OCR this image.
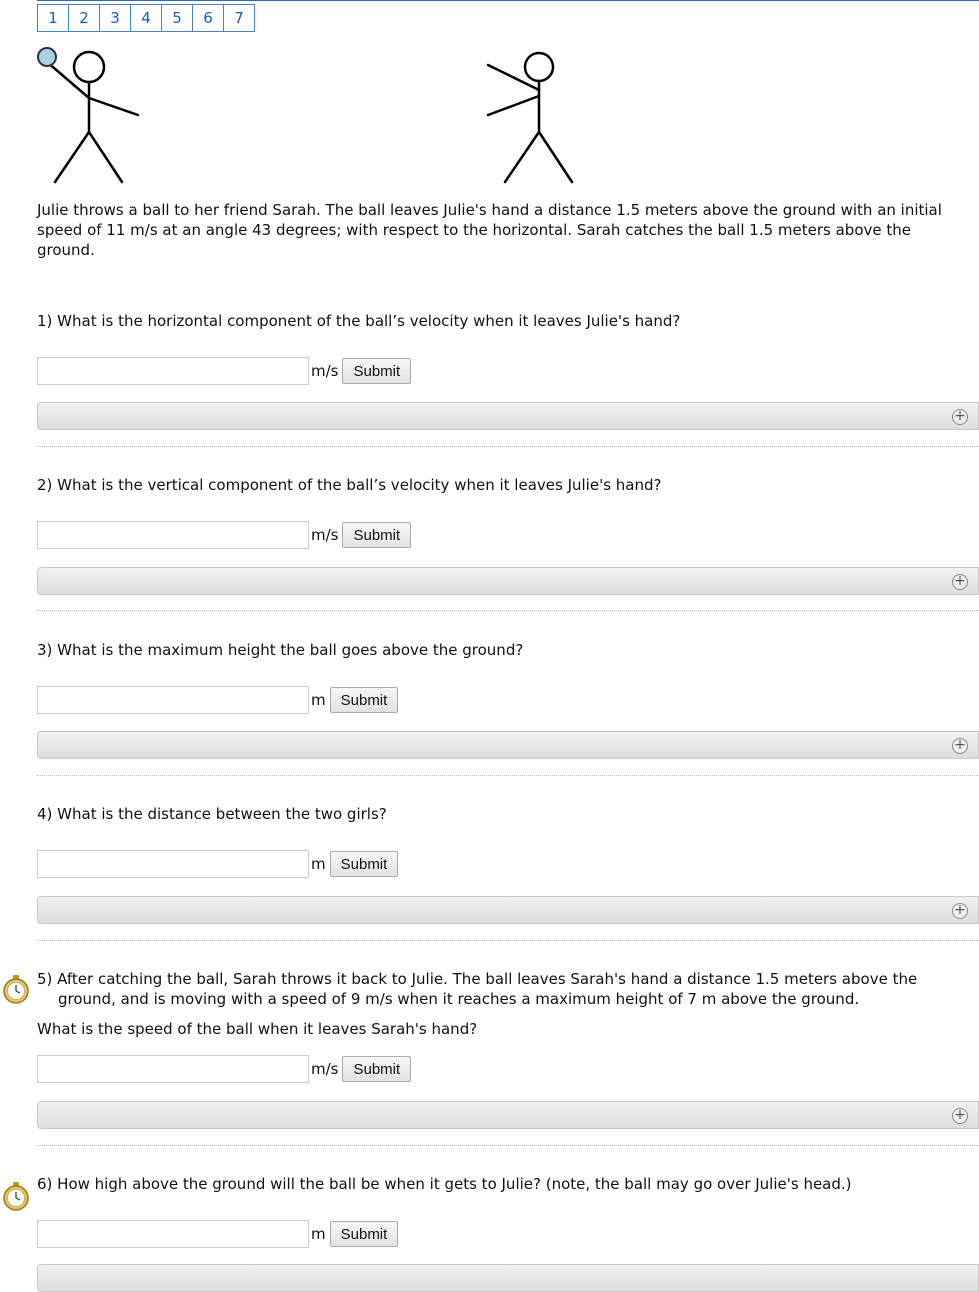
1	2	3	4	5	6	7
Julie throws a ball to her friend Sarah. The ball leaves Julie's hand a distance 1.5 meters above the ground with an initial speed of 11 m/s at an angle 43 degrees; with respect to the horizontal. Sarah catches the ball 1.5 meters above the ground.
1) What is the horizontal component of the ball’s velocity when it leaves Julie's hand?
m/s	Submit
+
2) What is the vertical component of the ball’s velocity when it leaves Julie's hand?
m/s	Submit
+
3) What is the maximum height the ball goes above the ground?
m	Submit
+
4) What is the distance between the two girls?
m	Submit
+
5) After catching the ball, Sarah throws it back to Julie. The ball leaves Sarah's hand a distance 1.5 meters above the ground, and is moving with a speed of 9 m/s when it reaches a maximum height of 7 m above the ground.
What is the speed of the ball when it leaves Sarah's hand?
m/s	Submit
+
6) How high above the ground will the ball be when it gets to Julie? (note, the ball may go over Julie's head.)
m	Submit
